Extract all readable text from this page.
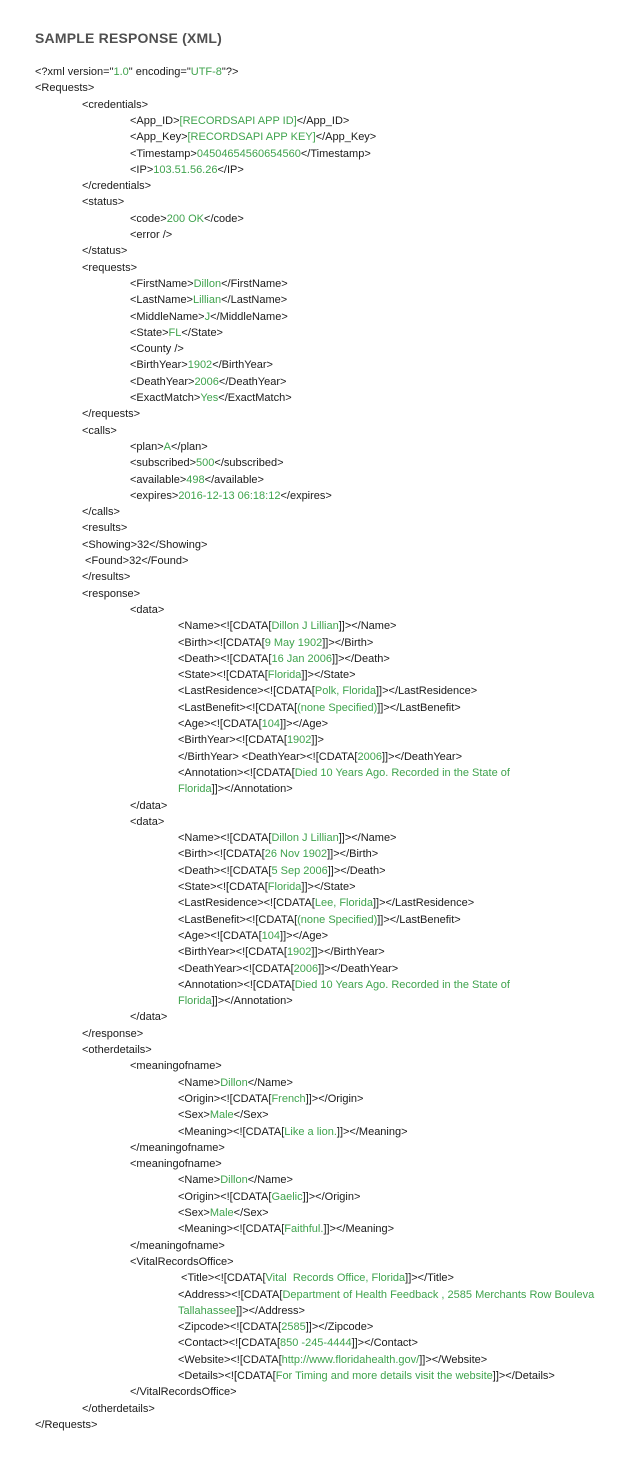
SAMPLE RESPONSE (XML)
<?xml version="1.0" encoding="UTF-8"?>
<Requests>
<credentials>
<App_ID>[RECORDSAPI APP ID]</App_ID>
<App_Key>[RECORDSAPI APP KEY]</App_Key>
<Timestamp>04504654560654560</Timestamp>
<IP>103.51.56.26</IP>
</credentials>
<status>
<code>200 OK</code>
<error />
</status>
<requests>
<FirstName>Dillon</FirstName>
<LastName>Lillian</LastName>
<MiddleName>J</MiddleName>
<State>FL</State>
<County />
<BirthYear>1902</BirthYear>
<DeathYear>2006</DeathYear>
<ExactMatch>Yes</ExactMatch>
</requests>
<calls>
<plan>A</plan>
<subscribed>500</subscribed>
<available>498</available>
<expires>2016-12-13 06:18:12</expires>
</calls>
<results>
<Showing>32</Showing>
<Found>32</Found>
</results>
<response>
<data>
<Name><![CDATA[Dillon J Lillian]]></Name>
<Birth><![CDATA[9 May 1902]]></Birth>
<Death><![CDATA[16 Jan 2006]]></Death>
<State><![CDATA[Florida]]></State>
<LastResidence><![CDATA[Polk, Florida]]></LastResidence>
<LastBenefit><![CDATA[(none Specified)]]></LastBenefit>
<Age><![CDATA[104]]></Age>
<BirthYear><![CDATA[1902]]>
</BirthYear> <DeathYear><![CDATA[2006]]></DeathYear>
<Annotation><![CDATA[Died 10 Years Ago. Recorded in the State of
Florida]]></Annotation>
</data>
<data>
<Name><![CDATA[Dillon J Lillian]]></Name>
<Birth><![CDATA[26 Nov 1902]]></Birth>
<Death><![CDATA[5 Sep 2006]]></Death>
<State><![CDATA[Florida]]></State>
<LastResidence><![CDATA[Lee, Florida]]></LastResidence>
<LastBenefit><![CDATA[(none Specified)]]></LastBenefit>
<Age><![CDATA[104]]></Age>
<BirthYear><![CDATA[1902]]></BirthYear>
<DeathYear><![CDATA[2006]]></DeathYear>
<Annotation><![CDATA[Died 10 Years Ago. Recorded in the State of
Florida]]></Annotation>
</data>
</response>
<otherdetails>
<meaningofname>
<Name>Dillon</Name>
<Origin><![CDATA[French]]></Origin>
<Sex>Male</Sex>
<Meaning><![CDATA[Like a lion.]]></Meaning>
</meaningofname>
<meaningofname>
<Name>Dillon</Name>
<Origin><![CDATA[Gaelic]]></Origin>
<Sex>Male</Sex>
<Meaning><![CDATA[Faithful.]]></Meaning>
</meaningofname>
<VitalRecordsOffice>
<Title><![CDATA[Vital  Records Office, Florida]]></Title>
<Address><![CDATA[Department of Health Feedback , 2585 Merchants Row Bouleva
Tallahassee]]></Address>
<Zipcode><![CDATA[2585]]></Zipcode>
<Contact><![CDATA[850 -245-4444]]></Contact>
<Website><![CDATA[http://www.floridahealth.gov/]]></Website>
<Details><![CDATA[For Timing and more details visit the website]]></Details>
</VitalRecordsOffice>
</otherdetails>
</Requests>
